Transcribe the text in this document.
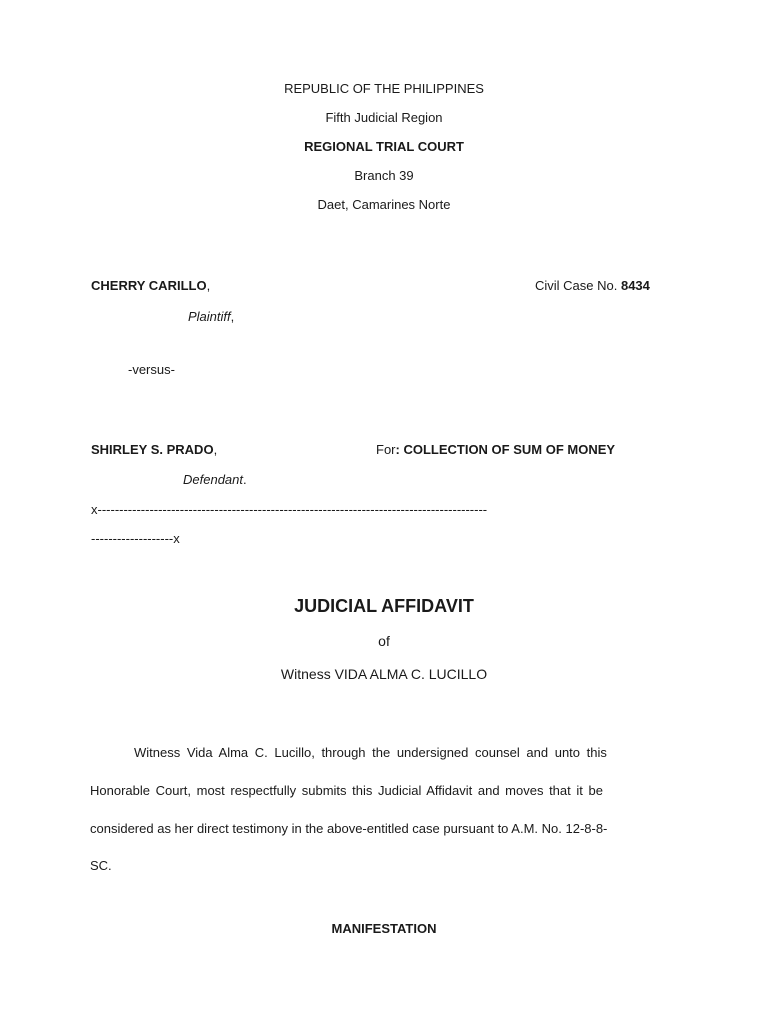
REPUBLIC OF THE PHILIPPINES
Fifth Judicial Region
REGIONAL TRIAL COURT
Branch 39
Daet, Camarines Norte
CHERRY CARILLO,	Civil Case No. 8434
Plaintiff,
-versus-
SHIRLEY S. PRADO,	For: COLLECTION OF SUM OF MONEY
Defendant.
x------------------------------------------------------------------------------------------
-------------------x
JUDICIAL AFFIDAVIT
of
Witness VIDA ALMA C. LUCILLO
Witness Vida Alma C. Lucillo, through the undersigned counsel and unto this
Honorable Court, most respectfully submits this Judicial Affidavit and moves that it be
considered as her direct testimony in the above-entitled case pursuant to A.M. No. 12-8-8-
SC.
MANIFESTATION
